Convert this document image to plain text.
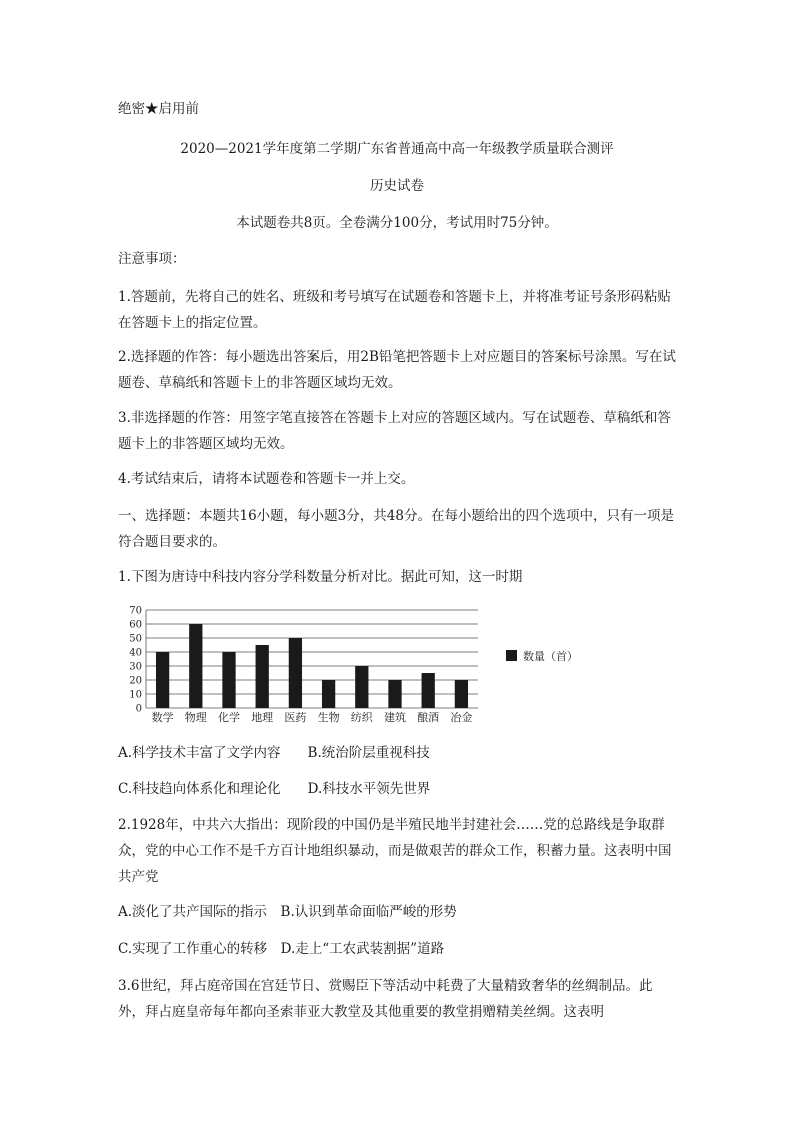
绝密★启用前

2020—2021学年度第二学期广东省普通高中高一年级教学质量联合测评

历史试卷

本试题卷共8页。全卷满分100分，考试用时75分钟。

注意事项：

1.答题前，先将自己的姓名、班级和考号填写在试题卷和答题卡上，并将准考证号条形码粘贴在答题卡上的指定位置。

2.选择题的作答：每小题选出答案后，用2B铅笔把答题卡上对应题目的答案标号涂黑。写在试题卷、草稿纸和答题卡上的非答题区域均无效。

3.非选择题的作答：用签字笔直接答在答题卡上对应的答题区域内。写在试题卷、草稿纸和答题卡上的非答题区域均无效。

4.考试结束后，请将本试题卷和答题卡一并上交。

一、选择题：本题共16小题，每小题3分，共48分。在每小题给出的四个选项中，只有一项是符合题目要求的。

1.下图为唐诗中科技内容分学科数量分析对比。据此可知，这一时期

0
10
20
30
40
50
60
70
数学 物理 化学 地理 医药 生物 纺织 建筑 酿酒 冶金
数量（首）

A.科学技术丰富了文学内容　　B.统治阶层重视科技

C.科技趋向体系化和理论化　　D.科技水平领先世界

2.1928年，中共六大指出：现阶段的中国仍是半殖民地半封建社会……党的总路线是争取群众，党的中心工作不是千方百计地组织暴动，而是做艰苦的群众工作，积蓄力量。这表明中国共产党

A.淡化了共产国际的指示　B.认识到革命面临严峻的形势

C.实现了工作重心的转移　D.走上“工农武装割据”道路

3.6世纪，拜占庭帝国在宫廷节日、赏赐臣下等活动中耗费了大量精致奢华的丝绸制品。此外，拜占庭皇帝每年都向圣索菲亚大教堂及其他重要的教堂捐赠精美丝绸。这表明
